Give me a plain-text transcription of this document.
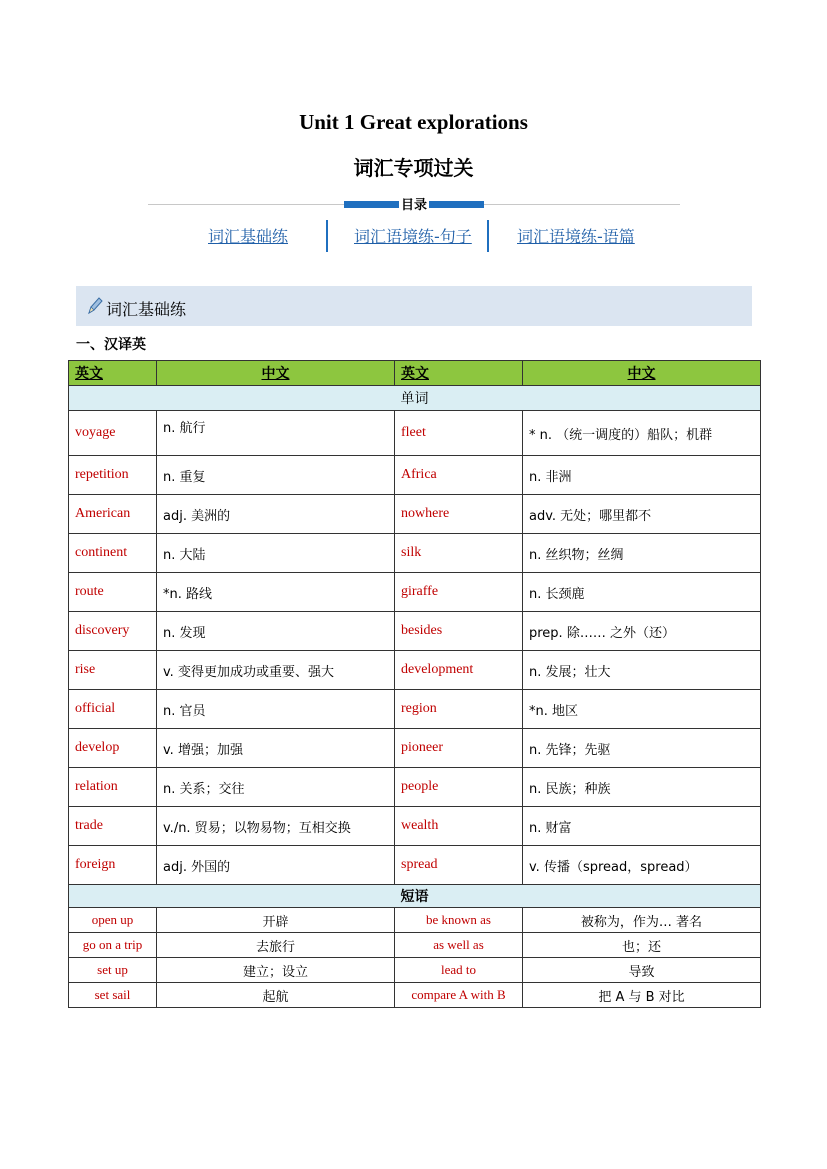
Unit 1 Great explorations
词汇专项过关
目录
词汇基础练	词汇语境练-句子	词汇语境练-语篇
词汇基础练
一、汉译英
英文	中文	英文	中文
单词			
voyage	n. 航行	fleet	* n. （统一调度的）船队；机群
repetition	n. 重复	Africa	n. 非洲
American	adj. 美洲的	nowhere	adv. 无处；哪里都不
continent	n. 大陆	silk	n. 丝织物；丝绸
route	*n. 路线	giraffe	n. 长颈鹿
discovery	n. 发现	besides	prep. 除…… 之外（还）
rise	v. 变得更加成功或重要、强大	development	n. 发展；壮大
official	n. 官员	region	*n. 地区
develop	v. 增强；加强	pioneer	n. 先锋；先驱
relation	n. 关系；交往	people	n. 民族；种族
trade	v./n. 贸易；以物易物；互相交换	wealth	n. 财富
foreign	adj. 外国的	spread	v. 传播（spread，spread）
短语			
open up	开辟	be known as	被称为，作为… 著名
go on a trip	去旅行	as well as	也；还
set up	建立；设立	lead to	导致
set sail	起航	compare A with B	把 A 与 B 对比
